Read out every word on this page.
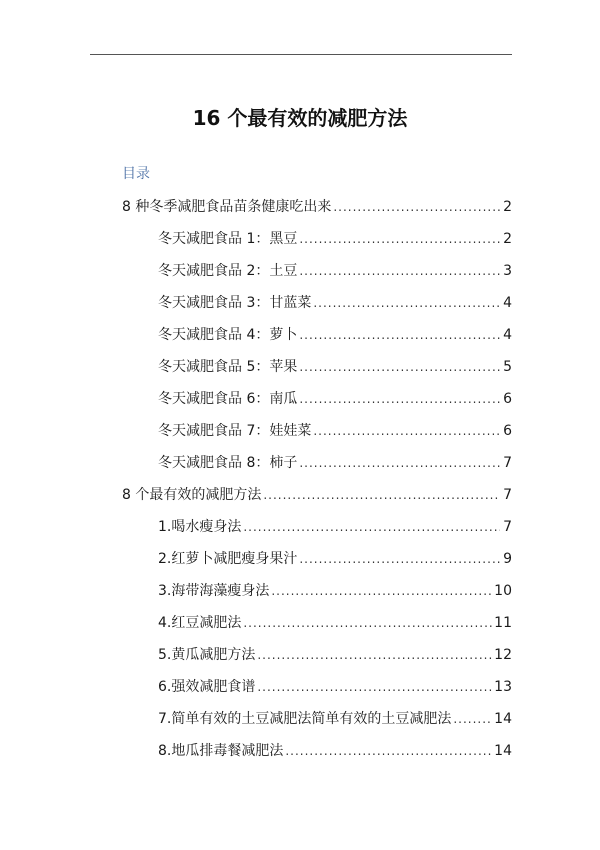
16 个最有效的减肥方法
目录
8 种冬季减肥食品苗条健康吃出来 .....	2
冬天减肥食品 1：黑豆 .....	2
冬天减肥食品 2：土豆 .....	3
冬天减肥食品 3：甘蓝菜 .....	4
冬天减肥食品 4：萝卜 .....	4
冬天减肥食品 5：苹果 .....	5
冬天减肥食品 6：南瓜 .....	6
冬天减肥食品 7：娃娃菜 .....	6
冬天减肥食品 8：柿子 .....	7
8 个最有效的减肥方法 .....	7
1.喝水瘦身法 .....	7
2.红萝卜减肥瘦身果汁 .....	9
3.海带海藻瘦身法 .....	10
4.红豆减肥法 .....	11
5.黄瓜减肥方法 .....	12
6.强效减肥食谱 .....	13
7.简单有效的土豆减肥法简单有效的土豆减肥法 .....	14
8.地瓜排毒餐减肥法 .....	14
